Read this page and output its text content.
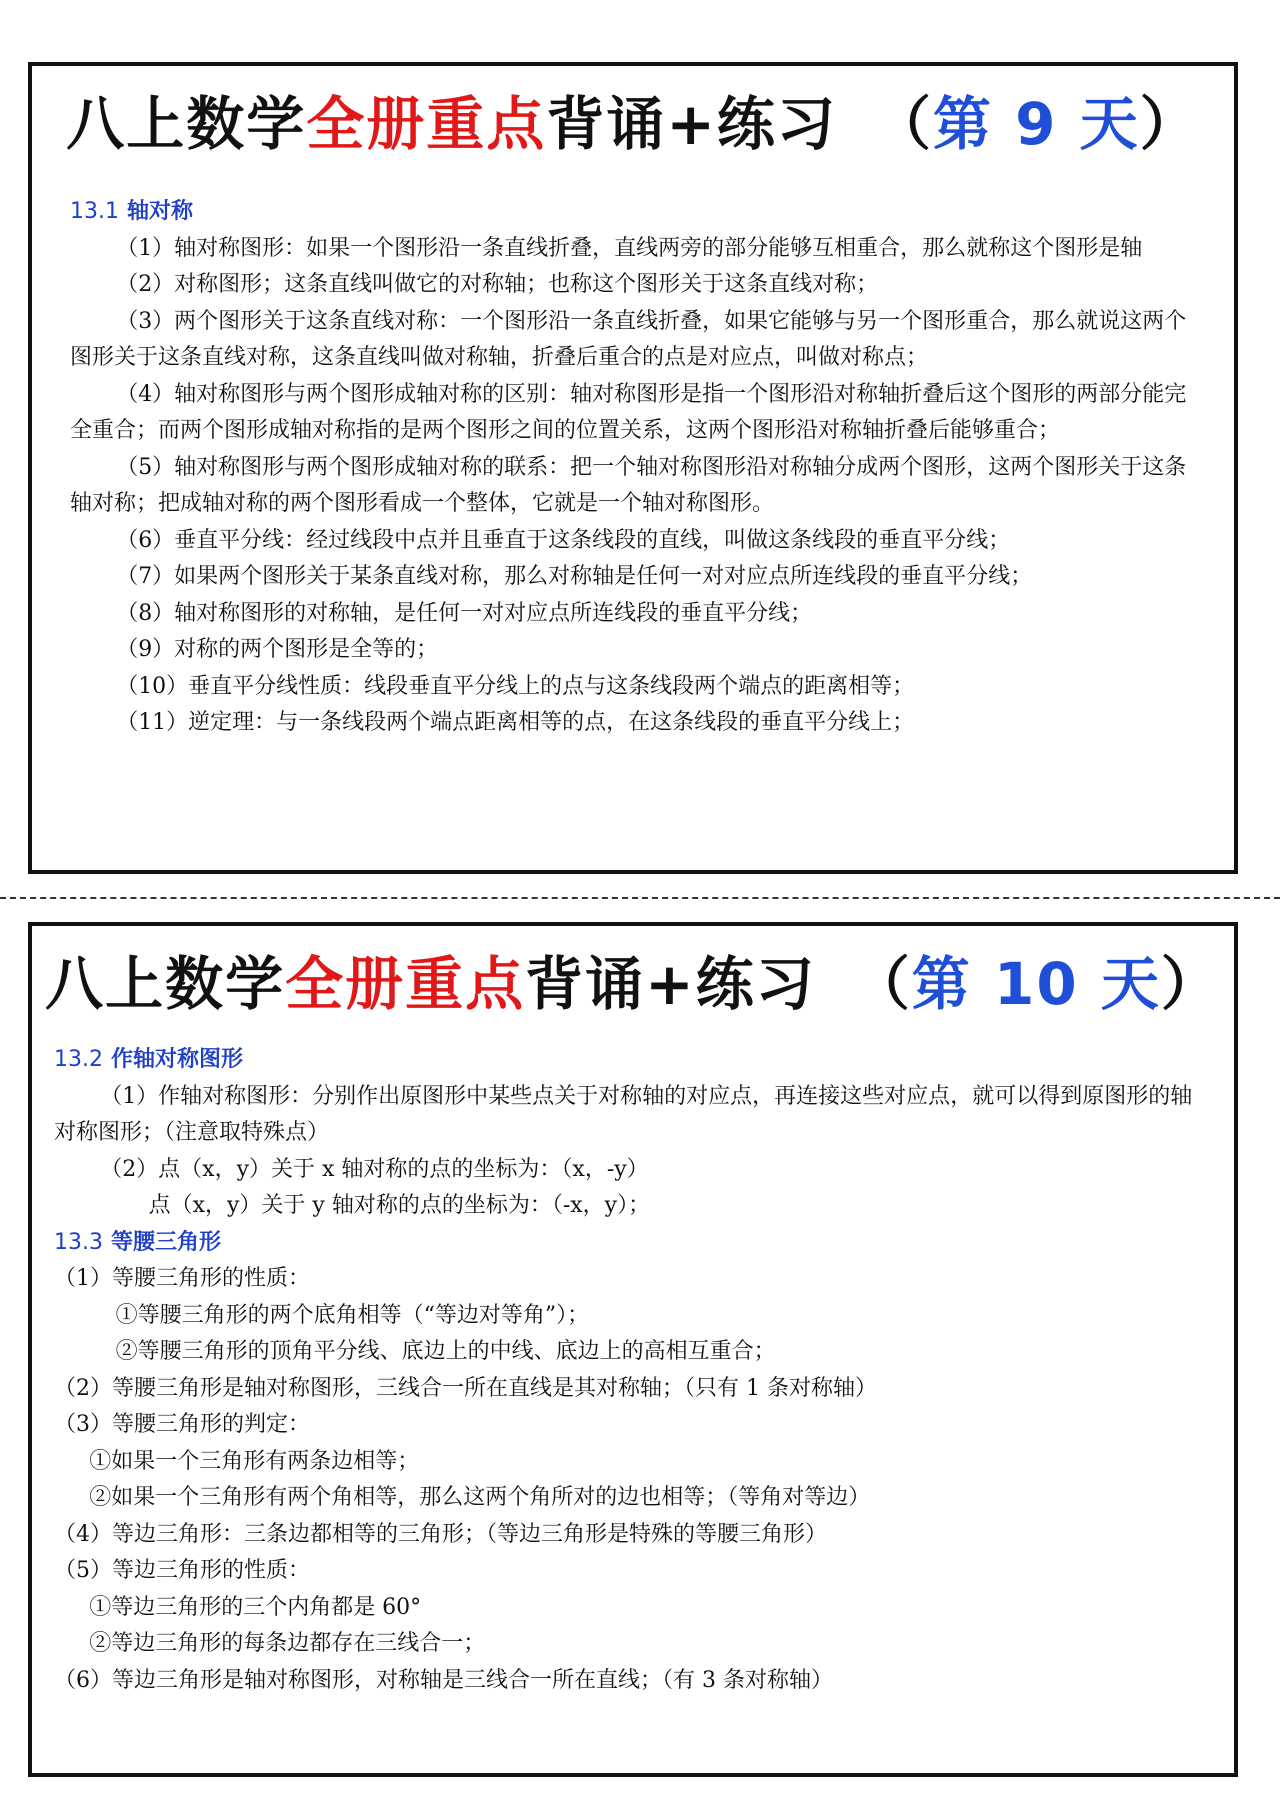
八上数学全册重点背诵+练习 （第 9 天）
13.1 轴对称

（1）轴对称图形：如果一个图形沿一条直线折叠，直线两旁的部分能够互相重合，那么就称这个图形是轴

（2）对称图形；这条直线叫做它的对称轴；也称这个图形关于这条直线对称；

（3）两个图形关于这条直线对称：一个图形沿一条直线折叠，如果它能够与另一个图形重合，那么就说这两个图形关于这条直线对称，这条直线叫做对称轴，折叠后重合的点是对应点，叫做对称点；

（4）轴对称图形与两个图形成轴对称的区别：轴对称图形是指一个图形沿对称轴折叠后这个图形的两部分能完全重合；而两个图形成轴对称指的是两个图形之间的位置关系，这两个图形沿对称轴折叠后能够重合；

（5）轴对称图形与两个图形成轴对称的联系：把一个轴对称图形沿对称轴分成两个图形，这两个图形关于这条轴对称；把成轴对称的两个图形看成一个整体，它就是一个轴对称图形。

（6）垂直平分线：经过线段中点并且垂直于这条线段的直线，叫做这条线段的垂直平分线；

（7）如果两个图形关于某条直线对称，那么对称轴是任何一对对应点所连线段的垂直平分线；

（8）轴对称图形的对称轴，是任何一对对应点所连线段的垂直平分线；

（9）对称的两个图形是全等的；

（10）垂直平分线性质：线段垂直平分线上的点与这条线段两个端点的距离相等；

（11）逆定理：与一条线段两个端点距离相等的点，在这条线段的垂直平分线上；

八上数学全册重点背诵+练习 （第 10 天）
13.2 作轴对称图形

（1）作轴对称图形：分别作出原图形中某些点关于对称轴的对应点，再连接这些对应点，就可以得到原图形的轴对称图形；（注意取特殊点）

（2）点（x，y）关于 x 轴对称的点的坐标为：（x，-y）

点（x，y）关于 y 轴对称的点的坐标为：（-x，y）；

13.3 等腰三角形

（1）等腰三角形的性质：

①等腰三角形的两个底角相等（“等边对等角”）；

②等腰三角形的顶角平分线、底边上的中线、底边上的高相互重合；

（2）等腰三角形是轴对称图形，三线合一所在直线是其对称轴；（只有 1 条对称轴）

（3）等腰三角形的判定：

①如果一个三角形有两条边相等；

②如果一个三角形有两个角相等，那么这两个角所对的边也相等；（等角对等边）

（4）等边三角形：三条边都相等的三角形；（等边三角形是特殊的等腰三角形）

（5）等边三角形的性质：

①等边三角形的三个内角都是 60°

②等边三角形的每条边都存在三线合一；

（6）等边三角形是轴对称图形，对称轴是三线合一所在直线；（有 3 条对称轴）
